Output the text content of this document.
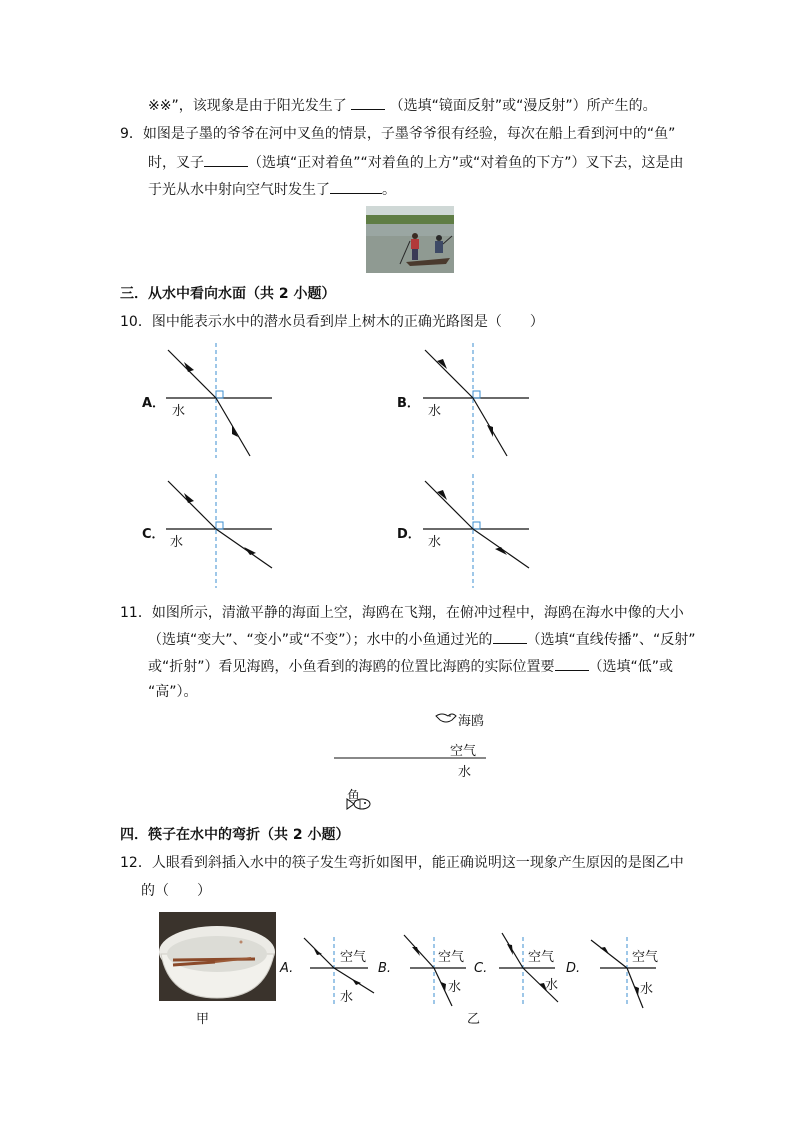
※※”，该现象是由于阳光发生了	（选填“镜面反射”或“漫反射”）所产生的。
9．如图是子墨的爷爷在河中叉鱼的情景，子墨爷爷很有经验，每次在船上看到河中的“鱼”
时，叉子	（选填“正对着鱼”“对着鱼的上方”或“对着鱼的下方”）叉下去，这是由
于光从水中射向空气时发生了	。
三．从水中看向水面（共 2 小题）
10．图中能表示水中的潜水员看到岸上树木的正确光路图是（　　）
A．
水
B．
水
C．
水
D．
水
11．如图所示，清澈平静的海面上空，海鸥在飞翔，在俯冲过程中，海鸥在海水中像的大小
（选填“变大”、“变小”或“不变”）；水中的小鱼通过光的 （选填“直线传播”、“反射”
或“折射”）看见海鸥，小鱼看到的海鸥的位置比海鸥的实际位置要 （选填“低”或
“高”）。
海鸥
空气
水
鱼
四．筷子在水中的弯折（共 2 小题）
12．人眼看到斜插入水中的筷子发生弯折如图甲，能正确说明这一现象产生原因的是图乙中
的（　　）
A.
空气
水
B.
空气
水
C.
空气
水
D.
空气
水
甲	乙
